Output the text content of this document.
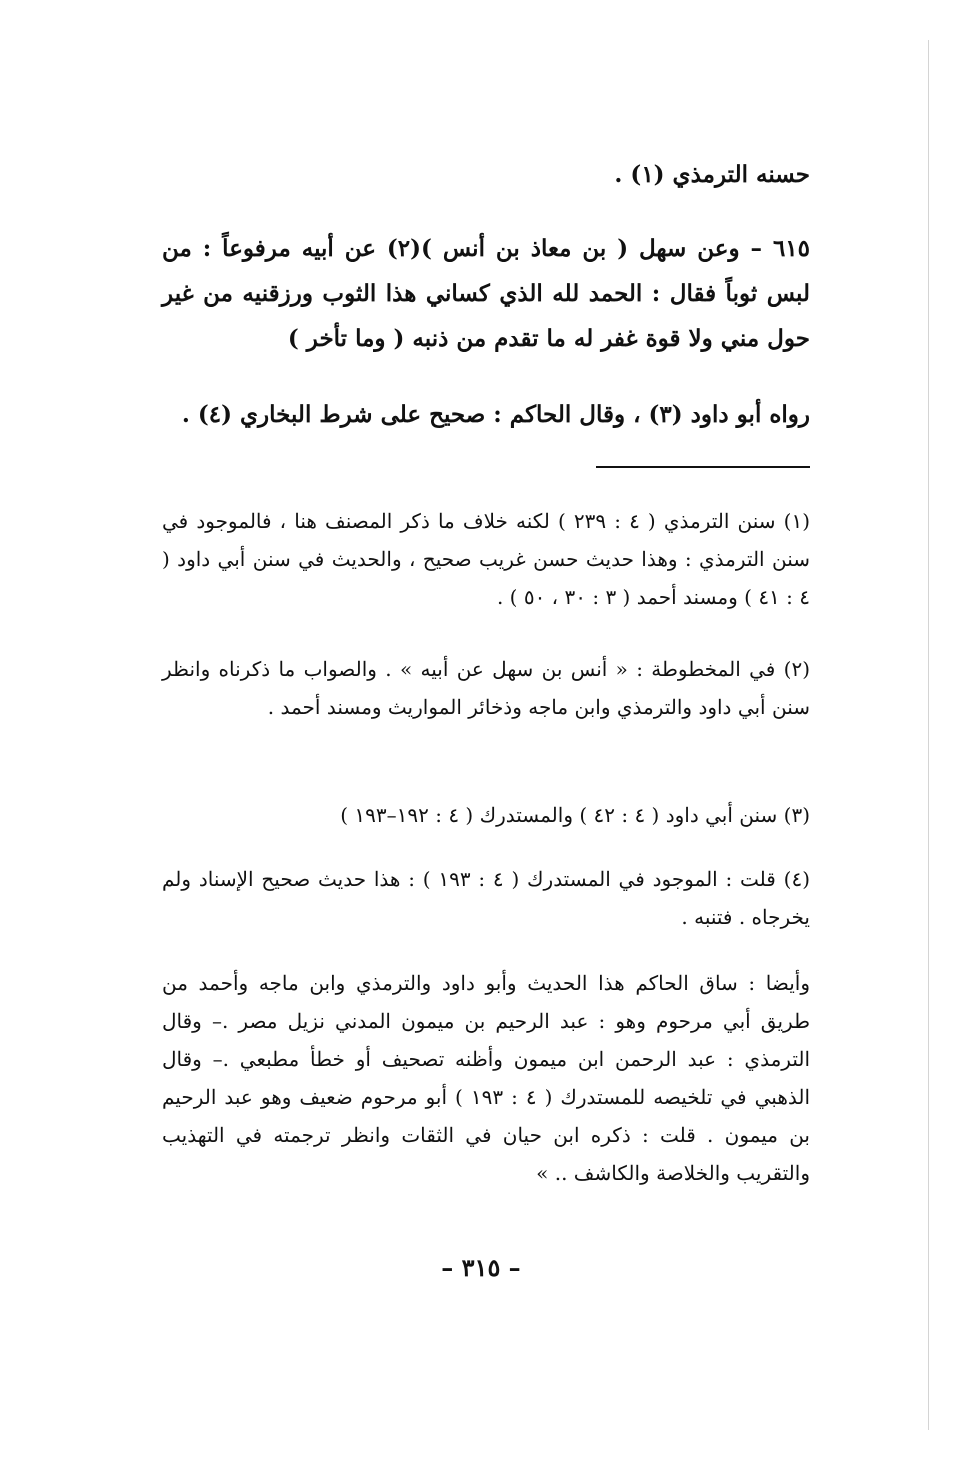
حسنه الترمذي (١) .

٦١٥ – وعن سهل ( بن معاذ بن أنس )(٢) عن أبيه مرفوعاً : من لبس ثوباً فقال : الحمد لله الذي كساني هذا الثوب ورزقنيه من غير حول مني ولا قوة غفر له ما تقدم من ذنبه ( وما تأخر )

رواه أبو داود (٣) ، وقال الحاكم : صحيح على شرط البخاري (٤) .

(١) سنن الترمذي ( ٤ : ٢٣٩ ) لكنه خلاف ما ذكر المصنف هنا ، فالموجود في سنن الترمذي : وهذا حديث حسن غريب صحيح ، والحديث في سنن أبي داود ( ٤ : ٤١ ) ومسند أحمد ( ٣ : ٣٠ ، ٥٠ ) .

(٢) في المخطوطة : « أنس بن سهل عن أبيه » . والصواب ما ذكرناه وانظر سنن أبي داود والترمذي وابن ماجه وذخائر المواريث ومسند أحمد .

(٣) سنن أبي داود ( ٤ : ٤٢ ) والمستدرك ( ٤ : ١٩٢–١٩٣ )

(٤) قلت : الموجود في المستدرك ( ٤ : ١٩٣ ) : هذا حديث صحيح الإسناد ولم يخرجاه . فتنبه .

وأيضا : ساق الحاكم هذا الحديث وأبو داود والترمذي وابن ماجه وأحمد من طريق أبي مرحوم وهو : عبد الرحيم بن ميمون المدني نزيل مصر .– وقال الترمذي : عبد الرحمن ابن ميمون وأظنه تصحيف أو خطأ مطبعي .– وقال الذهبي في تلخيصه للمستدرك ( ٤ : ١٩٣ ) أبو مرحوم ضعيف وهو عبد الرحيم بن ميمون . قلت : ذكره ابن حيان في الثقات وانظر ترجمته في التهذيب والتقريب والخلاصة والكاشف .. »

– ٣١٥ –
